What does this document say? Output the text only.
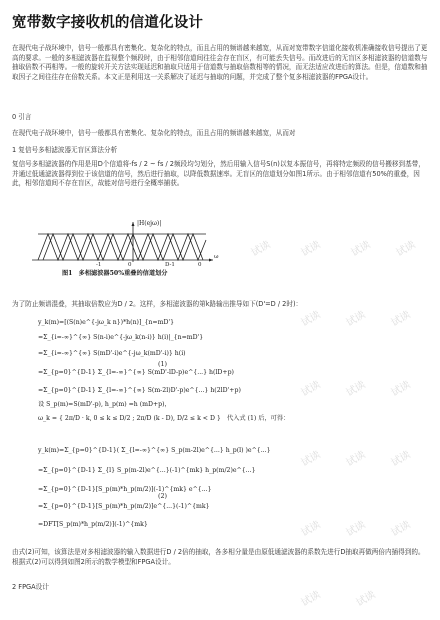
试读 试读 试读
试读 试读 试读
试读 试读 试读
试读 试读 试读
试读	试读	试读 试读
试读	试读
宽带数字接收机的信道化设计
在现代电子战环境中，信号一般都具有密集化、复杂化的特点，而且占用的频谱越来越宽，从而对宽带数字信道化接收机准确接收信号提出了更高的要求。一般的多相滤波器在监视整个频段时，由于相邻信道间往往会存在盲区，有可能丢失信号。而改进后的无盲区多相滤波器的信道数与抽取倍数不再相等。一般的旋转开关方法实现延迟和抽取只适用于信道数与抽取倍数相等的情况，而无法适应改进后的算法。但是，信道数和抽取因子之间往往存在倍数关系。本文正是利用这一关系解决了延迟与抽取的问题，并完成了整个复多相滤波器的FPGA设计。
0 引言
在现代电子战环境中，信号一般都具有密集化、复杂化的特点，而且占用的频谱越来越宽，从而对
1 复信号多相滤波器无盲区算法分析
复信号多相滤波器的作用是用D个信道将-fs / 2 ~ fs / 2频段均匀划分，然后用输入信号S(n)以复本振信号，再将特定频段的信号搬移到基带，并通过低通滤波器得到位于该信道的信号，然后进行抽取，以降低数据速率。无盲区的信道划分如图1所示。由于相邻信道有50%的重叠，因此，相邻信道间不存在盲区，故能对信号进行全概率捕获。
|H(ejω)|
-1	0	D-1
ω
0
图1　多相滤波器50%重叠的信道划分
为了防止频谱混叠，其抽取倍数应为D / 2。这样，多相滤波器的第k路输出推导如下(D'=D / 2时)：
y_k(m)=[(S(n)e^{-jω_k n})*h(n)]_{n=mD'}
=Σ_{i=-∞}^{∞} S(n-i)e^{-jω_k(n-i)} h(i)|_{n=mD'}
=Σ_{i=-∞}^{∞} S(mD'-i)e^{-jω_k(mD'-i)} h(i)
=Σ_{p=0}^{D-1} Σ_{l=-∞}^{∞} S(mD'-lD-p)e^{...} h(lD+p)
=Σ_{p=0}^{D-1} Σ_{l=-∞}^{∞} S(m-2l)D'-p)e^{...} h(2lD'+p)
设 S_p(m)=S(mD'-p), h_p(m) =h (mD+p)，
ω_k = { 2π/D · k, 0 ≤ k ≤ D/2 ; 2π/D (k - D), D/2 ≤ k < D }　代入式 (1) 后，可得：
(1)
y_k(m)=Σ_{p=0}^{D-1}( Σ_{l=-∞}^{∞} S_p(m-2l)e^{...} h_p(l) )e^{...}
=Σ_{p=0}^{D-1} Σ_{l} S_p(m-2l)e^{...}(-1)^{mk} h_p(m/2)e^{...}
=Σ_{p=0}^{D-1}[S_p(m)*h_p(m/2)](-1)^{mk} e^{...}
=Σ_{p=0}^{D-1}[S_p(m)*h_p(m/2)]e^{...}(-1)^{mk}
=DFT[S_p(m)*h_p(m/2)](-1)^{mk}
(2)
由式(2)可知，该算法是对多相滤波器的输入数据进行D / 2倍的抽取，各多相分量是由原低通滤波器的系数先进行D抽取再做两倍内插得到的。根据式(2)可以得到如图2所示的数学模型和FPGA设计。
2 FPGA设计
